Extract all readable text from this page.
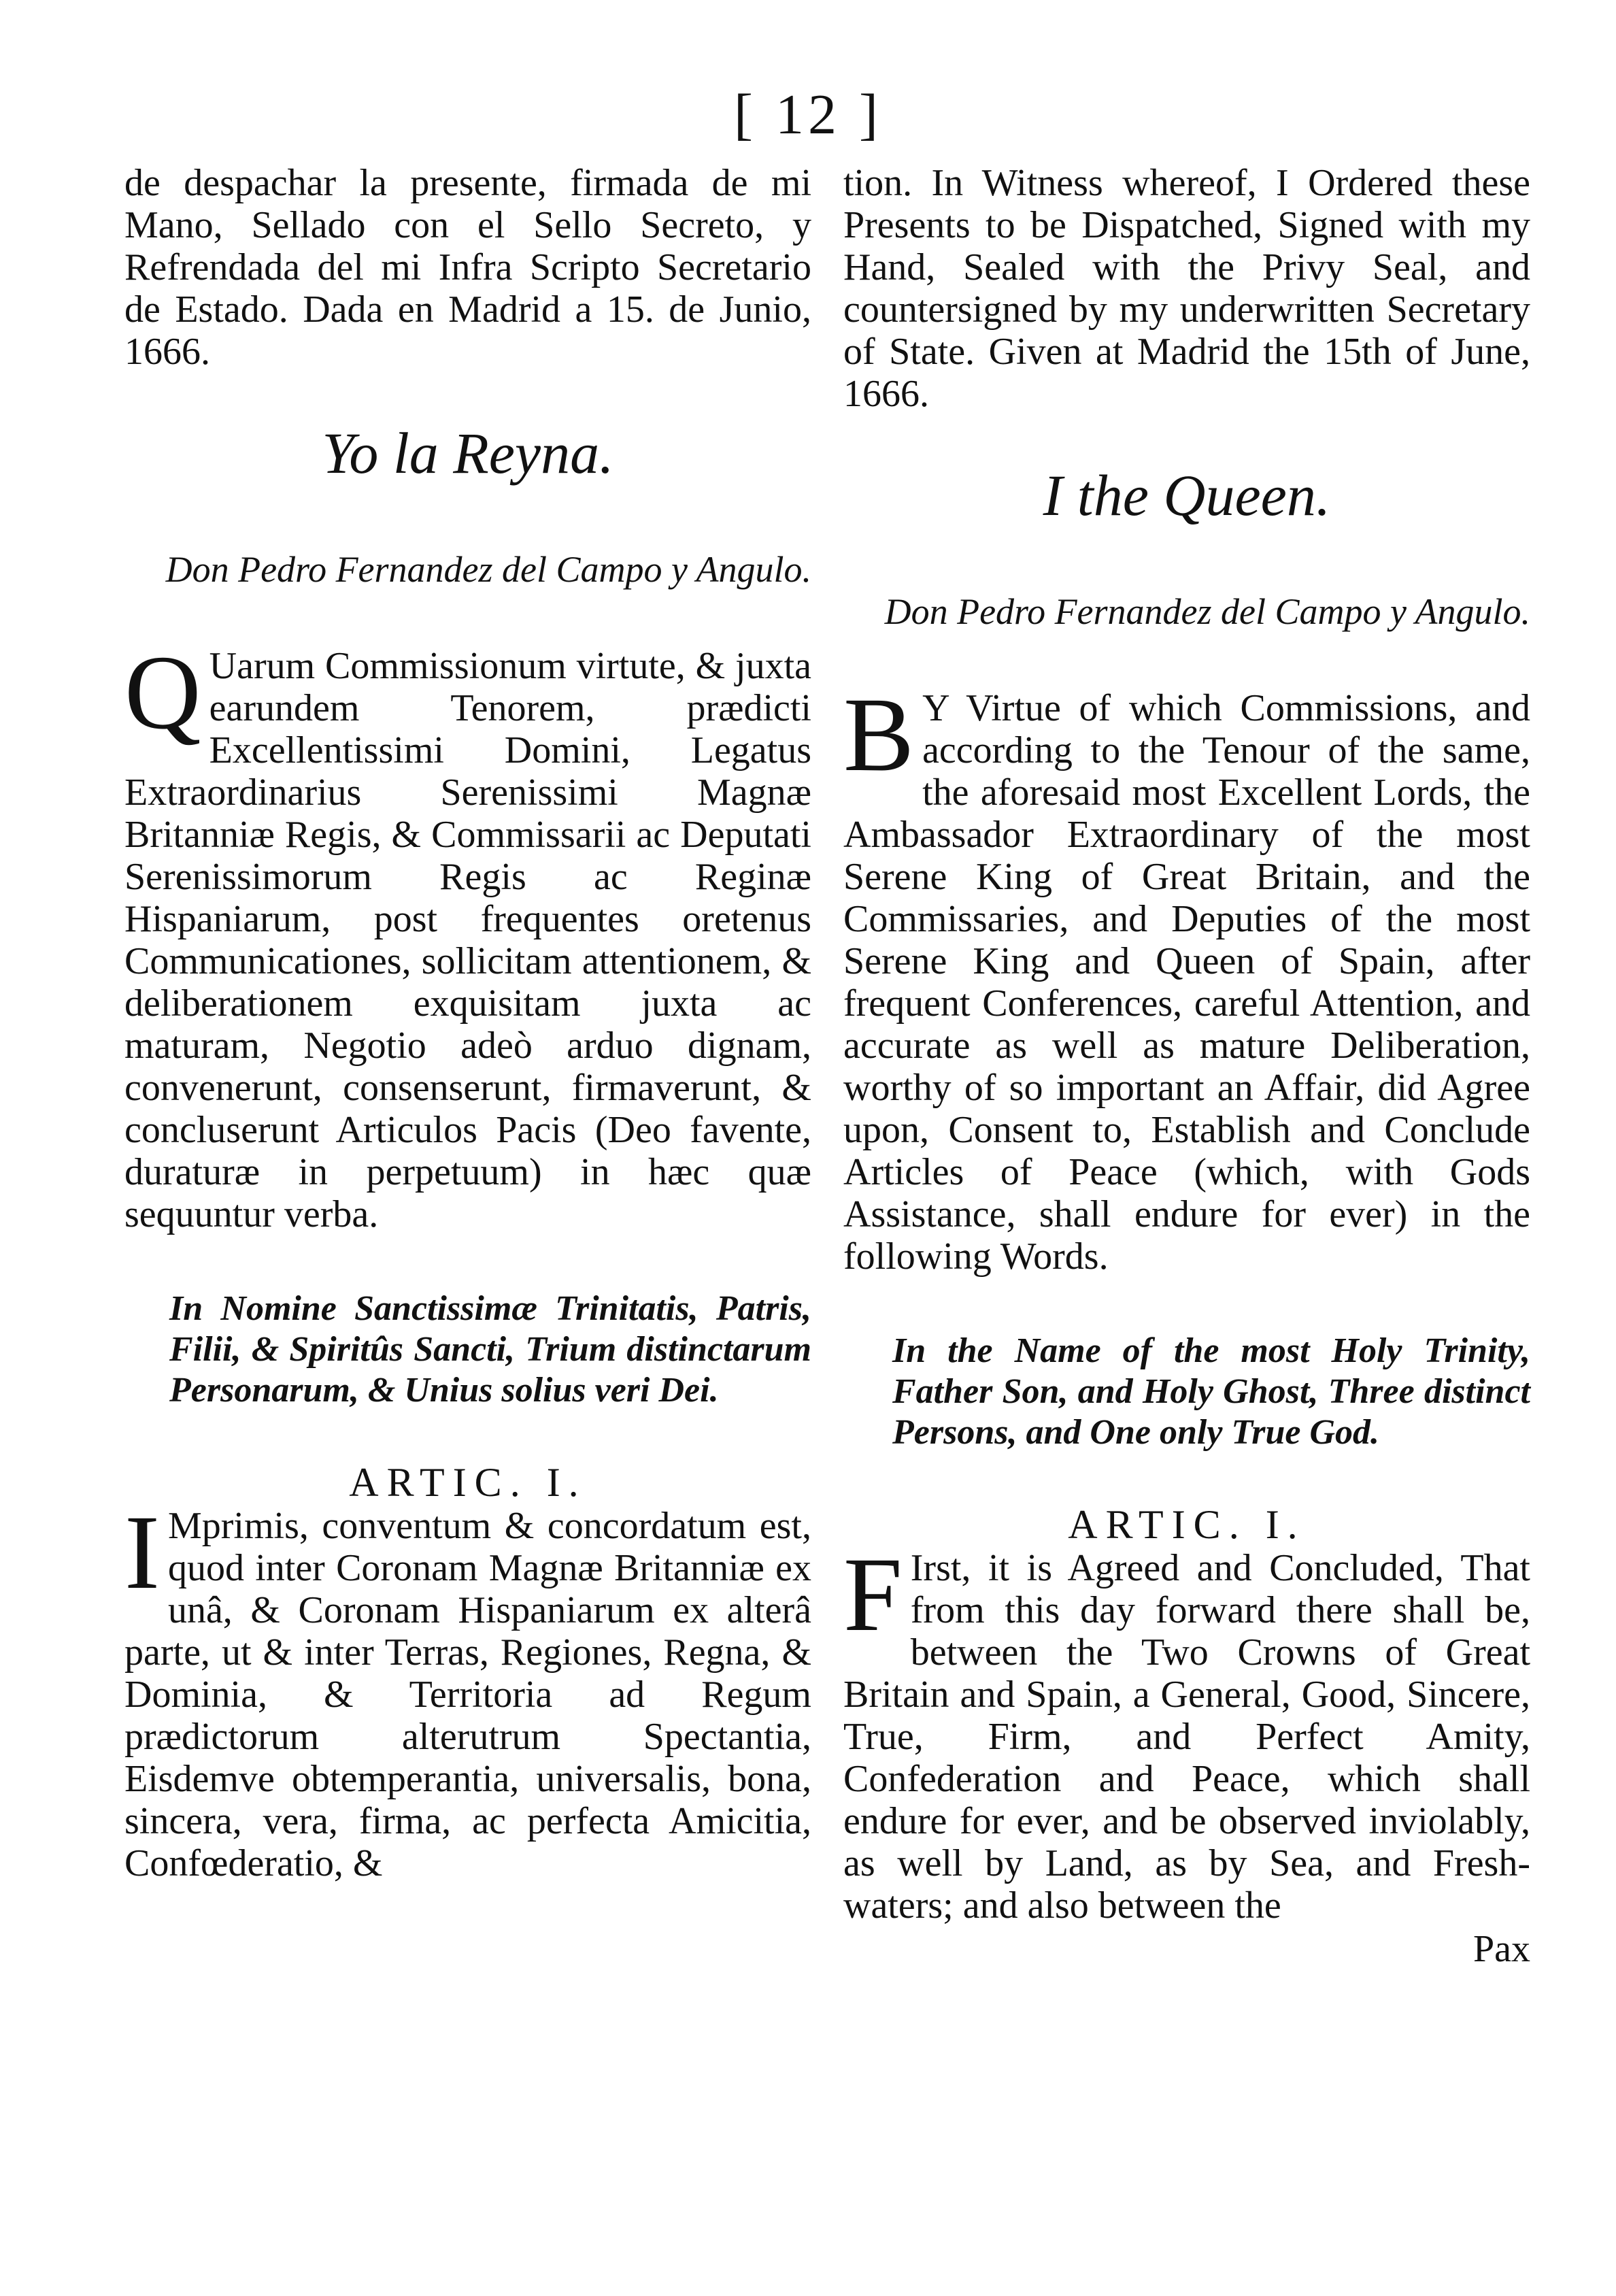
[ 12 ]
de despachar la presente, firmada de mi Mano, Sellado con el Sello Secreto, y Refrendada del mi Infra Scripto Secretario de Estado. Dada en Madrid a 15. de Junio, 1666.
Yo la Reyna.
Don Pedro Fernandez del Campo y Angulo.
Q Uarum Commissionum virtute, & juxta earundem Tenorem, prædicti Excellentissimi Domini, Legatus Extraordinarius Serenissimi Magnæ Britanniæ Regis, & Commissarii ac Deputati Serenissimorum Regis ac Reginæ Hispaniarum, post frequentes oretenus Communicationes, sollicitam attentionem, & deliberationem exquisitam juxta ac maturam, Negotio adeò arduo dignam, convenerunt, consenserunt, firmaverunt, & concluserunt Articulos Pacis (Deo favente, duraturæ in perpetuum) in hæc quæ sequuntur verba.
In Nomine Sanctissimæ Trinitatis, Patris, Filii, & Spiritûs Sancti, Trium distinctarum Personarum, & Unius solius veri Dei.
ARTIC. I.
I Mprimis, conventum & concordatum est, quod inter Coronam Magnæ Britanniæ ex unâ, & Coronam Hispaniarum ex alterâ parte, ut & inter Terras, Regiones, Regna, & Dominia, & Territoria ad Regum prædictorum alterutrum Spectantia, Eisdemve obtemperantia, universalis, bona, sincera, vera, firma, ac perfecta Amicitia, Confœderatio, &
tion. In Witness whereof, I Ordered these Presents to be Dispatched, Signed with my Hand, Sealed with the Privy Seal, and countersigned by my underwritten Secretary of State. Given at Madrid the 15th of June, 1666.
I the Queen.
Don Pedro Fernandez del Campo y Angulo.
B Y Virtue of which Commissions, and according to the Tenour of the same, the aforesaid most Excellent Lords, the Ambassador Extraordinary of the most Serene King of Great Britain, and the Commissaries, and Deputies of the most Serene King and Queen of Spain, after frequent Conferences, careful Attention, and accurate as well as mature Deliberation, worthy of so important an Affair, did Agree upon, Consent to, Establish and Conclude Articles of Peace (which, with Gods Assistance, shall endure for ever) in the following Words.
In the Name of the most Holy Trinity, Father Son, and Holy Ghost, Three distinct Persons, and One only True God.
ARTIC. I.
F Irst, it is Agreed and Concluded, That from this day forward there shall be, between the Two Crowns of Great Britain and Spain, a General, Good, Sincere, True, Firm, and Perfect Amity, Confederation and Peace, which shall endure for ever, and be observed inviolably, as well by Land, as by Sea, and Fresh-waters; and also between the
Pax
